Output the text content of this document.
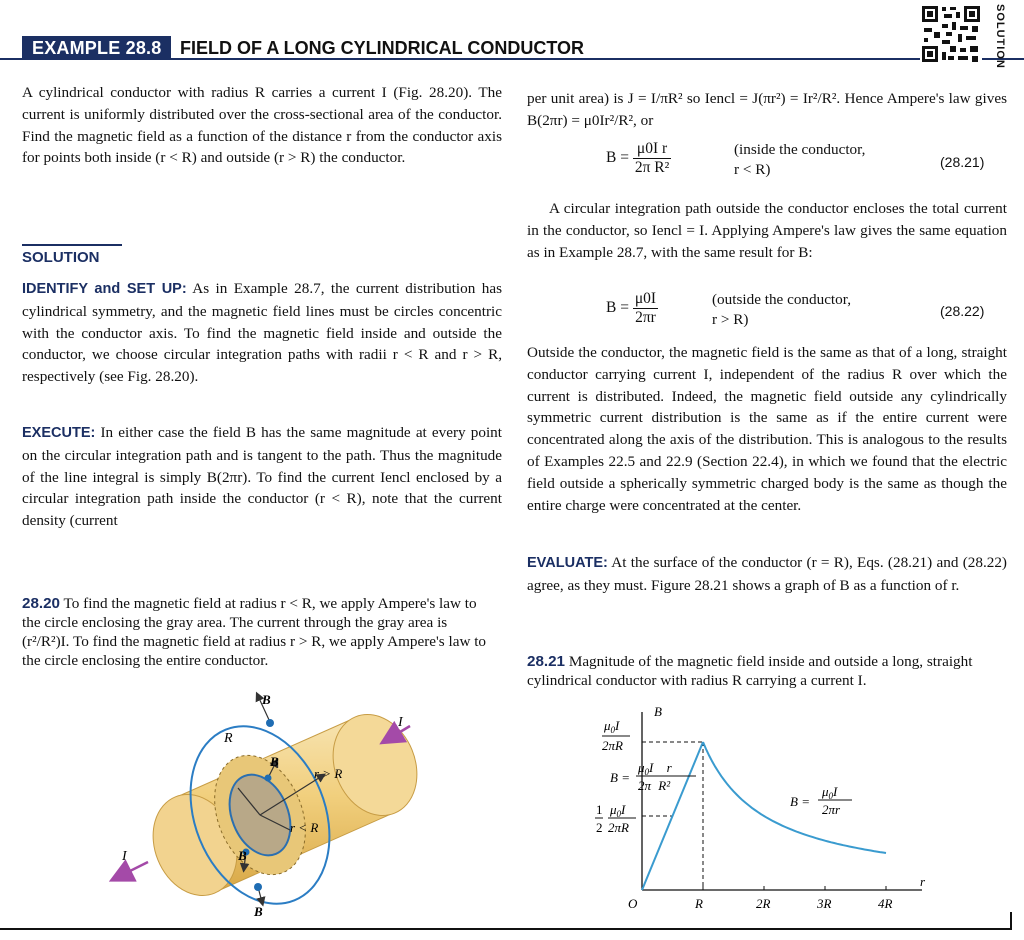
EXAMPLE 28.8	FIELD OF A LONG CYLINDRICAL CONDUCTOR	SOLUTION
A cylindrical conductor with radius R carries a current I (Fig. 28.20). The current is uniformly distributed over the cross-sectional area of the conductor. Find the magnetic field as a function of the distance r from the conductor axis for points both inside (r < R) and outside (r > R) the conductor.
SOLUTION
IDENTIFY and SET UP: As in Example 28.7, the current distribution has cylindrical symmetry, and the magnetic field lines must be circles concentric with the conductor axis. To find the magnetic field inside and outside the conductor, we choose circular integration paths with radii r < R and r > R, respectively (see Fig. 28.20).
EXECUTE: In either case the field B has the same magnitude at every point on the circular integration path and is tangent to the path. Thus the magnitude of the line integral is simply B(2πr). To find the current Iencl enclosed by a circular integration path inside the conductor (r < R), note that the current density (current
per unit area) is J = I/πR² so Iencl = J(πr²) = Ir²/R². Hence Ampere's law gives B(2πr) = μ0Ir²/R², or
$B = \frac{\text{μ0I r}}{\text{2π R²}}$	(inside the conductor,
r < R)	(28.21)
A circular integration path outside the conductor encloses the total current in the conductor, so Iencl = I. Applying Ampere's law gives the same equation as in Example 28.7, with the same result for B:
$B = \frac{\mu 0I}{2\pi r}$	(outside the conductor,
r > R)	(28.22)
Outside the conductor, the magnetic field is the same as that of a long, straight conductor carrying current I, independent of the radius R over which the current is distributed. Indeed, the magnetic field outside any cylindrically symmetric current distribution is the same as if the entire current were concentrated along the axis of the distribution. This is analogous to the results of Examples 22.5 and 22.9 (Section 22.4), in which we found that the electric field outside a spherically symmetric charged body is the same as though the entire charge were concentrated at the center.
EVALUATE: At the surface of the conductor (r = R), Eqs. (28.21) and (28.22) agree, as they must. Figure 28.21 shows a graph of B as a function of r.
28.20 To find the magnetic field at radius r < R, we apply Ampere's law to the circle enclosing the gray area. The current through the gray area is (r²/R²)I. To find the magnetic field at radius r > R, we apply Ampere's law to the circle enclosing the entire conductor.	28.21 Magnitude of the magnetic field inside and outside a long, straight cylindrical conductor with radius R carrying a current I.
B
B
B
B
R
I
I
r > R
r < R
B
r
O	R	2R	3R	4R
$\mu_0I$
2πR
1
2
$\mu_0I$
2πR
B =
$\mu_0I$ r
2π R²
B =
$\mu_0I$
2πr
